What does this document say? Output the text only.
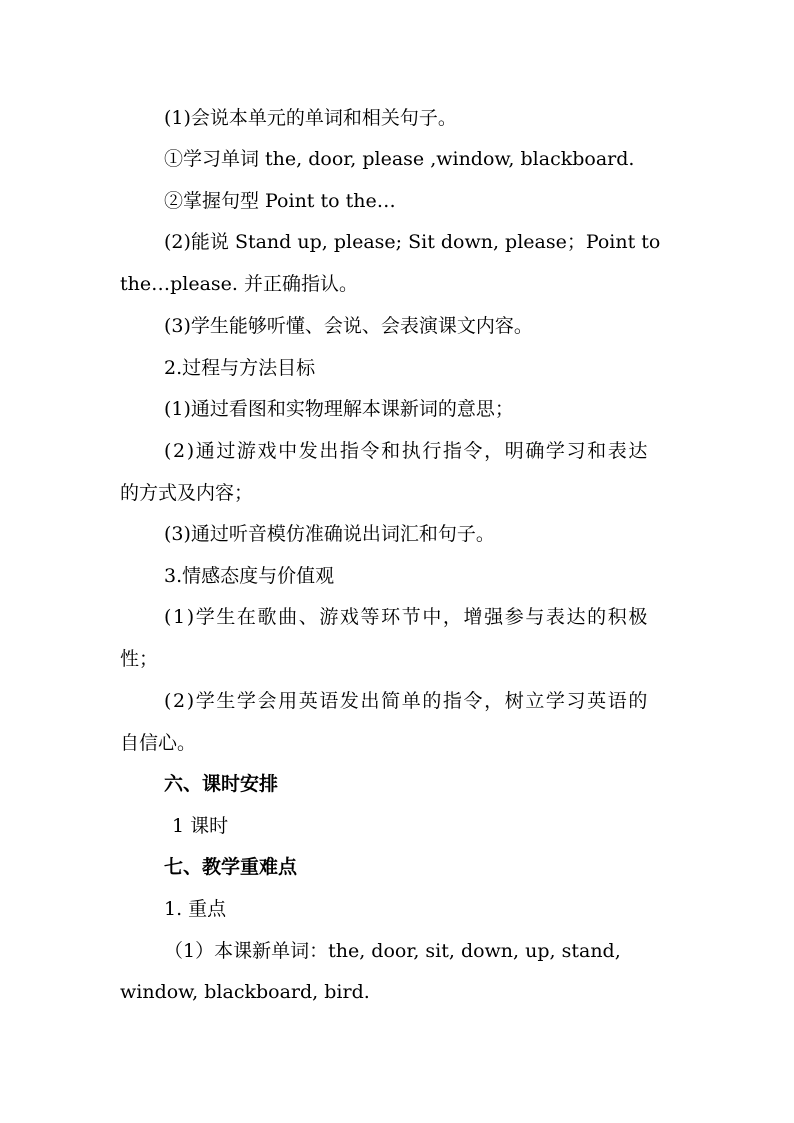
(1)会说本单元的单词和相关句子。
①学习单词 the, door, please ,window, blackboard.
②掌握句型 Point to the…
(2)能说 Stand up, please; Sit down, please；Point to
the…please. 并正确指认。
(3)学生能够听懂、会说、会表演课文内容。
2.过程与方法目标
(1)通过看图和实物理解本课新词的意思；
(2)通过游戏中发出指令和执行指令，明确学习和表达
的方式及内容；
(3)通过听音模仿准确说出词汇和句子。
3.情感态度与价值观
(1)学生在歌曲、游戏等环节中，增强参与表达的积极
性；
(2)学生学会用英语发出简单的指令，树立学习英语的
自信心。
六、课时安排
1 课时
七、教学重难点
1. 重点
（1）本课新单词：the, door, sit, down, up, stand,
window, blackboard, bird.
